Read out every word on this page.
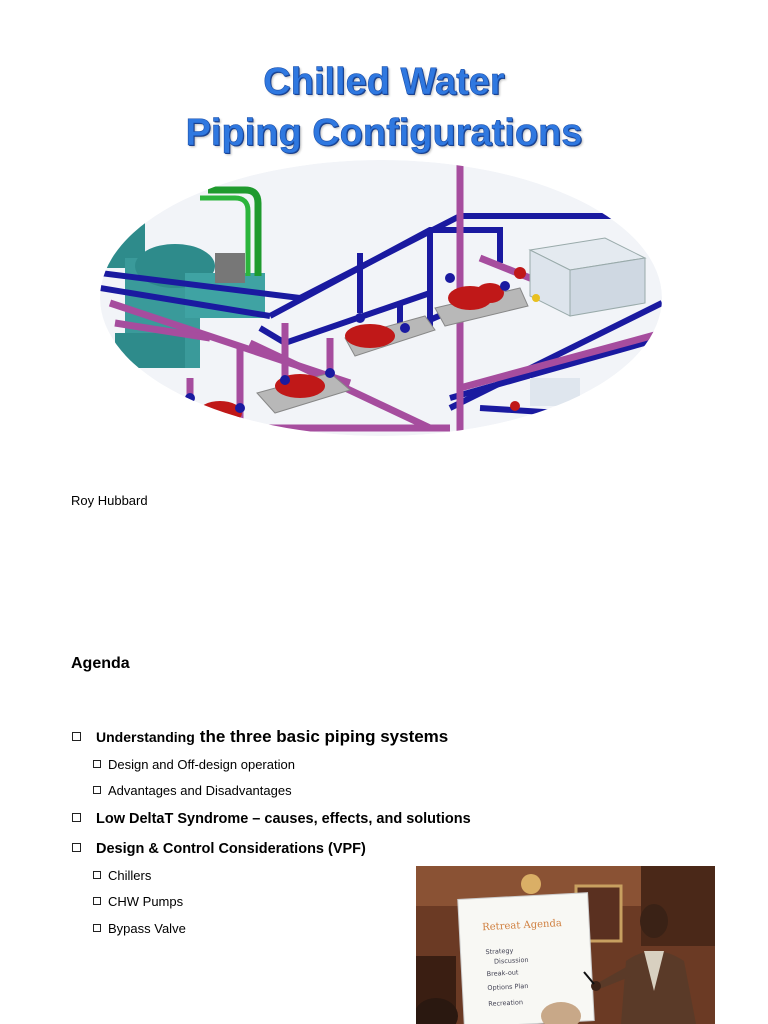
Chilled Water
Piping Configurations
Roy Hubbard
Agenda
Understanding the three basic piping systems
Design and Off-design operation
Advantages and Disadvantages
Low DeltaT Syndrome – causes, effects, and solutions
Design & Control Considerations (VPF)
Chillers
CHW Pumps
Bypass Valve	Retreat Agenda
Strategy
Discussion
Break-out
Options Plan
Recreation
